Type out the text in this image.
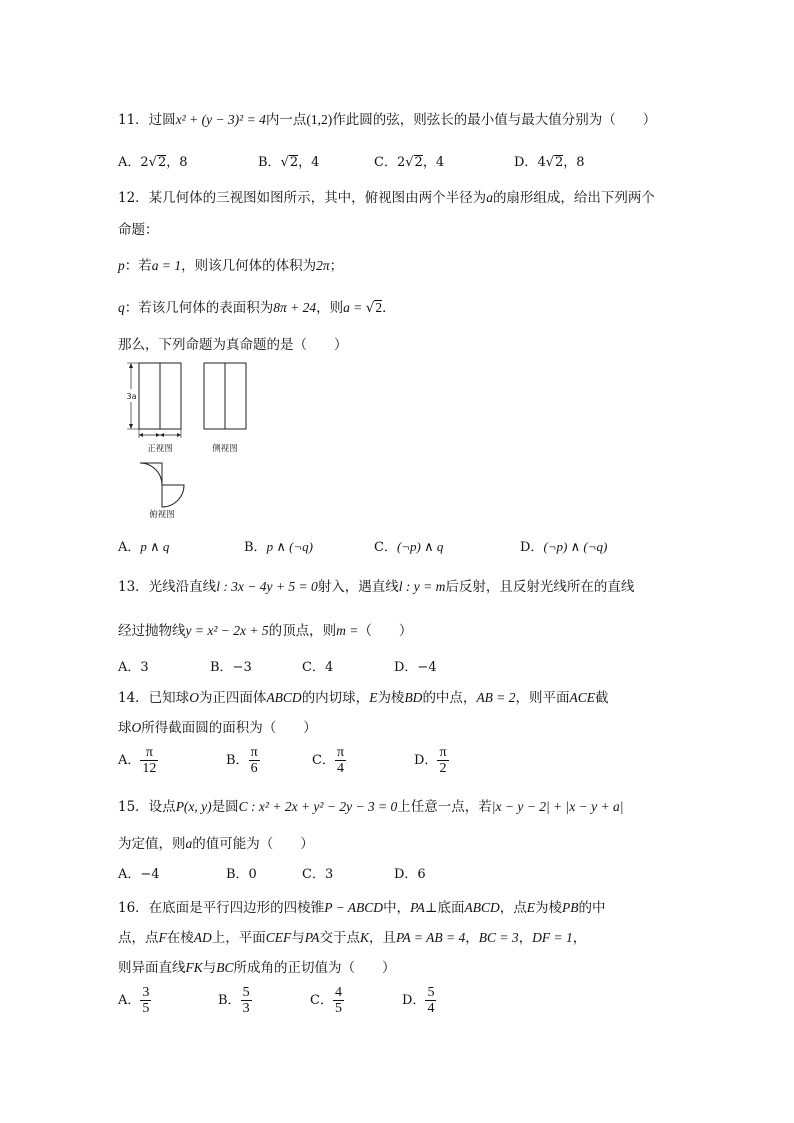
11．过圆x² + (y − 3)² = 4内一点(1,2)作此圆的弦，则弦长的最小值与最大值分别为（　　）
A．2√2，8	B．√2，4	C．2√2，4	D．4√2，8
12．某几何体的三视图如图所示，其中，俯视图由两个半径为a的扇形组成，给出下列两个
命题：
p：若a = 1，则该几何体的体积为2π；
q：若该几何体的表面积为8π + 24，则a = √2．
那么，下列命题为真命题的是（　　）
3a
正视图	侧视图
俯视图
A．p ∧ q	B．p ∧ (¬q)	C．(¬p) ∧ q	D．(¬p) ∧ (¬q)
13．光线沿直线l : 3x − 4y + 5 = 0射入，遇直线l : y = m后反射，且反射光线所在的直线
经过抛物线y = x² − 2x + 5的顶点，则m =（　　）
A．3	B．−3	C．4	D．−4
14．已知球O为正四面体ABCD的内切球，E为棱BD的中点，AB = 2，则平面ACE截
球O所得截面圆的面积为（　　）
A． $\frac{\pi}{12}$	B． $\frac{\pi}{6}$	C． $\frac{\pi}{4}$	D． $\frac{\pi}{2}$
15．设点P(x, y)是圆C : x² + 2x + y² − 2y − 3 = 0上任意一点，若|x − y − 2| + |x − y + a|
为定值，则a的值可能为（　　）
A．−4	B．0	C．3	D．6
16．在底面是平行四边形的四棱锥P − ABCD中，PA⊥底面ABCD，点E为棱PB的中
点，点F在棱AD上，平面CEF与PA交于点K，且PA = AB = 4，BC = 3，DF = 1，
则异面直线FK与BC所成角的正切值为（　　）
A． $\frac{3}{5}$	B． $\frac{5}{3}$	C． $\frac{4}{5}$	D． $\frac{5}{4}$
